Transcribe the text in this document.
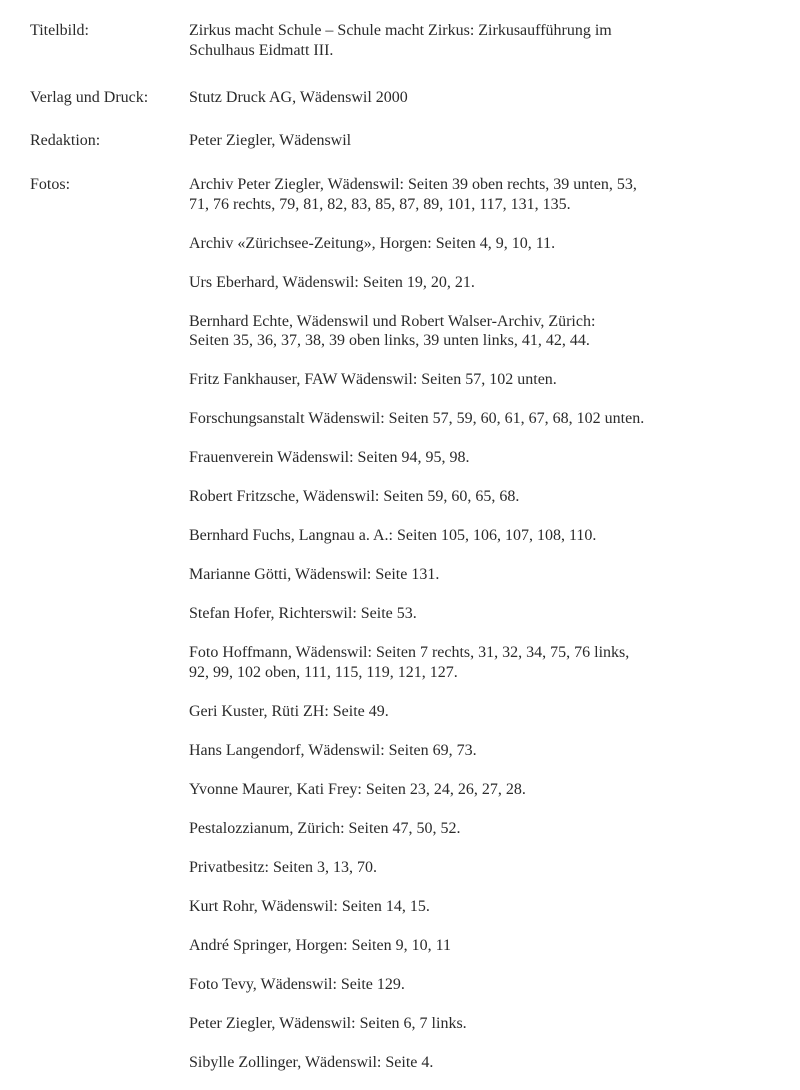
Titelbild:	Zirkus macht Schule – Schule macht Zirkus: Zirkusaufführung im
Schulhaus Eidmatt III.
Verlag und Druck:	Stutz Druck AG, Wädenswil 2000
Redaktion:	Peter Ziegler, Wädenswil
Fotos:	Archiv Peter Ziegler, Wädenswil: Seiten 39 oben rechts, 39 unten, 53,
71, 76 rechts, 79, 81, 82, 83, 85, 87, 89, 101, 117, 131, 135.
Archiv «Zürichsee-Zeitung», Horgen: Seiten 4, 9, 10, 11.
Urs Eberhard, Wädenswil: Seiten 19, 20, 21.
Bernhard Echte, Wädenswil und Robert Walser-Archiv, Zürich:
Seiten 35, 36, 37, 38, 39 oben links, 39 unten links, 41, 42, 44.
Fritz Fankhauser, FAW Wädenswil: Seiten 57, 102 unten.
Forschungsanstalt Wädenswil: Seiten 57, 59, 60, 61, 67, 68, 102 unten.
Frauenverein Wädenswil: Seiten 94, 95, 98.
Robert Fritzsche, Wädenswil: Seiten 59, 60, 65, 68.
Bernhard Fuchs, Langnau a. A.: Seiten 105, 106, 107, 108, 110.
Marianne Götti, Wädenswil: Seite 131.
Stefan Hofer, Richterswil: Seite 53.
Foto Hoffmann, Wädenswil: Seiten 7 rechts, 31, 32, 34, 75, 76 links,
92, 99, 102 oben, 111, 115, 119, 121, 127.
Geri Kuster, Rüti ZH: Seite 49.
Hans Langendorf, Wädenswil: Seiten 69, 73.
Yvonne Maurer, Kati Frey: Seiten 23, 24, 26, 27, 28.
Pestalozzianum, Zürich: Seiten 47, 50, 52.
Privatbesitz: Seiten 3, 13, 70.
Kurt Rohr, Wädenswil: Seiten 14, 15.
André Springer, Horgen: Seiten 9, 10, 11
Foto Tevy, Wädenswil: Seite 129.
Peter Ziegler, Wädenswil: Seiten 6, 7 links.
Sibylle Zollinger, Wädenswil: Seite 4.
